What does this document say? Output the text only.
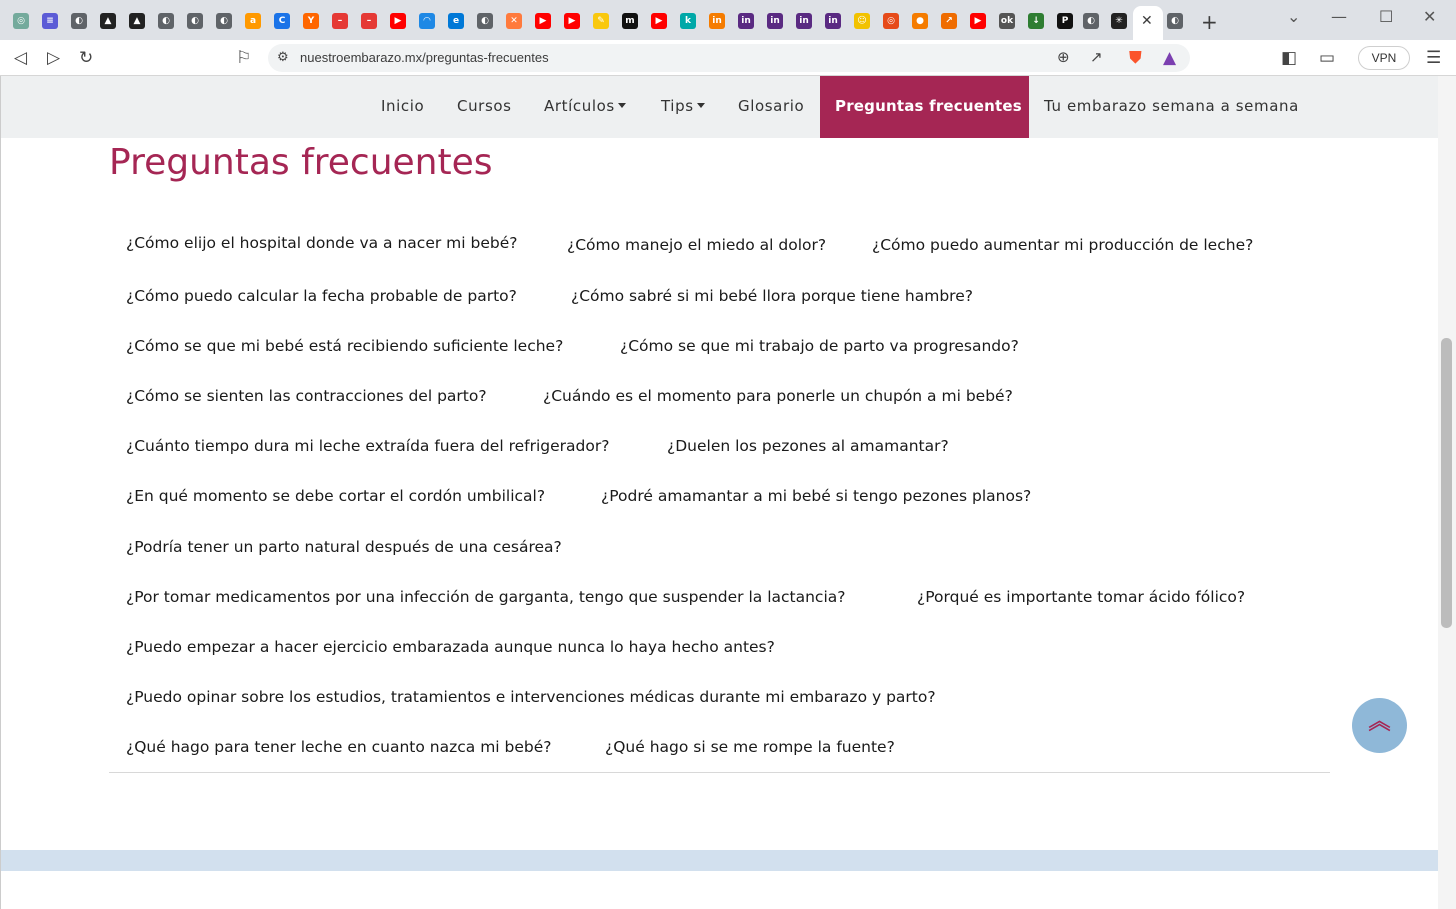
◎	≡	◐	▲	▲	◐	◐	◐	a	C	Y	–	–	▶	◠	e	◐	✕	▶	▶	✎	m	▶	k	in	in	in	in	in	☺	◎	●	↗	▶	ok	↓	P	◐	✳	◐
✕ +	⌄ — ☐ ✕
◁ ▷ ↻	⚐ ⚙ nuestroembarazo.mx/preguntas-frecuentes	⊕ ↗ ⛊ ▲	◧ ▭	VPN	☰
Inicio Cursos Artículos	Tips	Glosario	Preguntas frecuentes	Tu embarazo semana a semana
Preguntas frecuentes
¿Cómo elijo el hospital donde va a nacer mi bebé?	¿Cómo manejo el miedo al dolor?	¿Cómo puedo aumentar mi producción de leche?
¿Cómo puedo calcular la fecha probable de parto?	¿Cómo sabré si mi bebé llora porque tiene hambre?
¿Cómo se que mi bebé está recibiendo suficiente leche?	¿Cómo se que mi trabajo de parto va progresando?
¿Cómo se sienten las contracciones del parto?	¿Cuándo es el momento para ponerle un chupón a mi bebé?
¿Cuánto tiempo dura mi leche extraída fuera del refrigerador?	¿Duelen los pezones al amamantar?
¿En qué momento se debe cortar el cordón umbilical?	¿Podré amamantar a mi bebé si tengo pezones planos?
¿Podría tener un parto natural después de una cesárea?
¿Por tomar medicamentos por una infección de garganta, tengo que suspender la lactancia?	¿Porqué es importante tomar ácido fólico?
¿Puedo empezar a hacer ejercicio embarazada aunque nunca lo haya hecho antes?
¿Puedo opinar sobre los estudios, tratamientos e intervenciones médicas durante mi embarazo y parto?
¿Qué hago para tener leche en cuanto nazca mi bebé?	¿Qué hago si se me rompe la fuente?
︽
